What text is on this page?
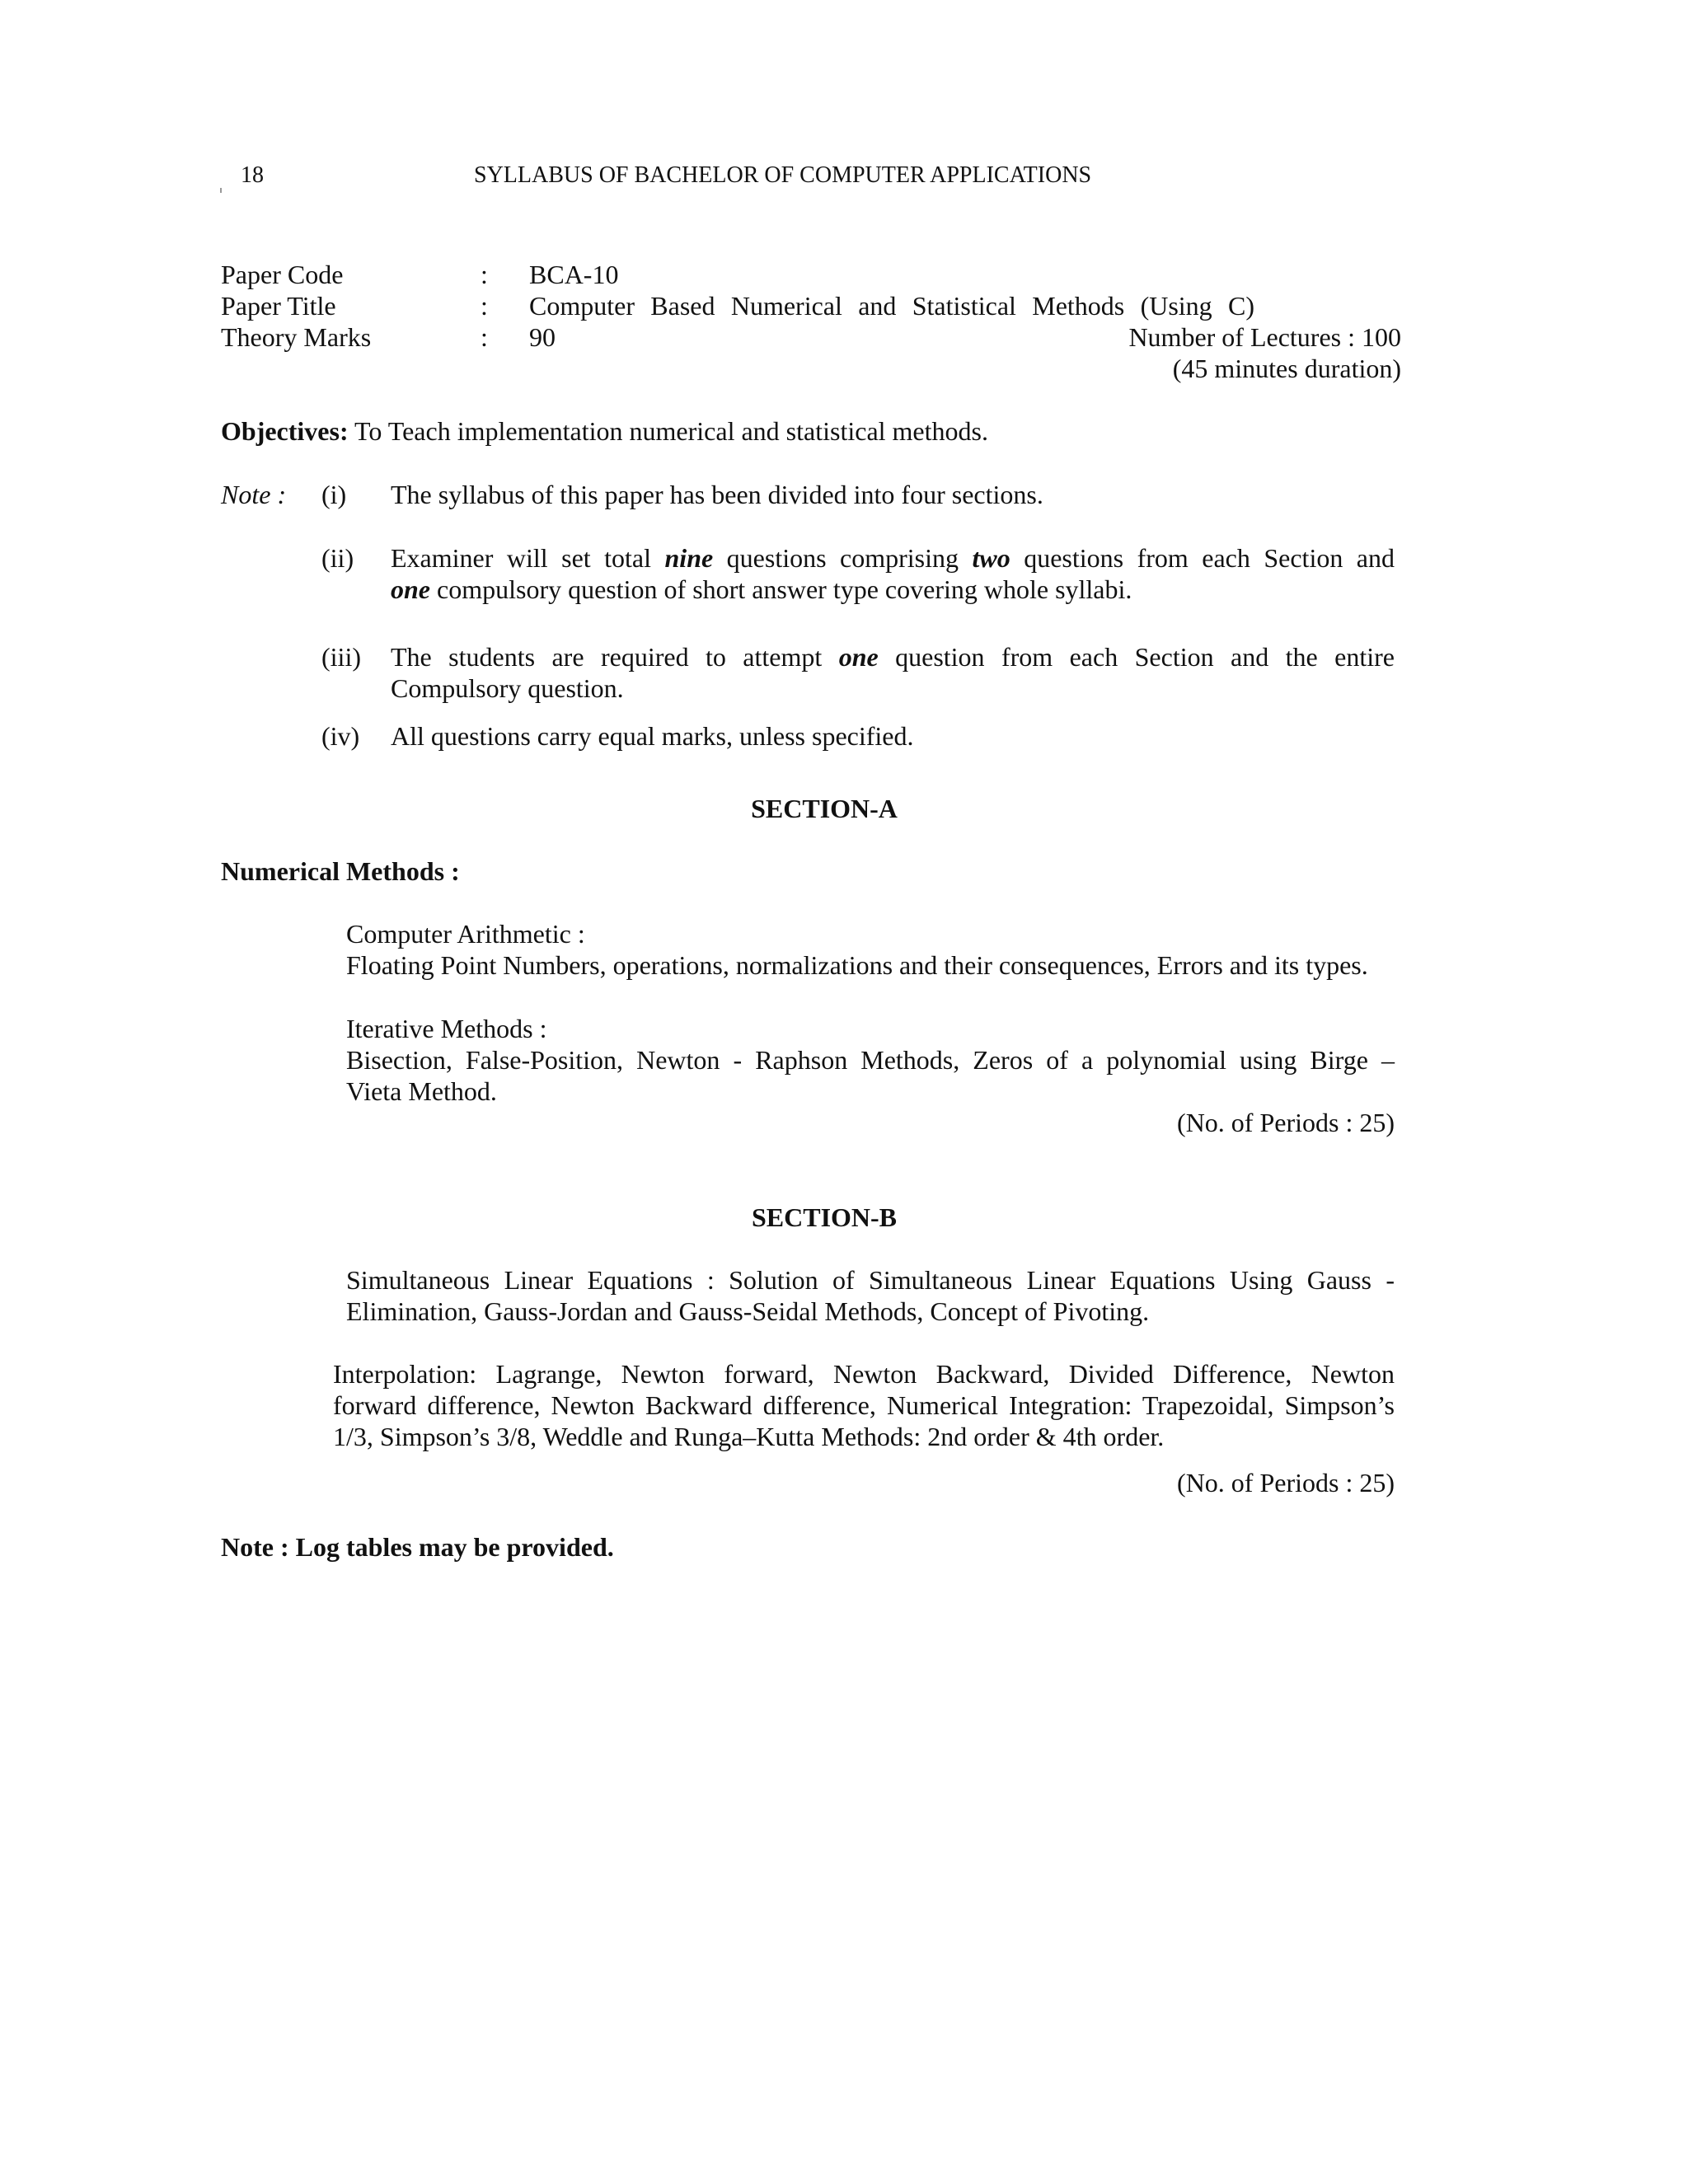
18	SYLLABUS OF BACHELOR OF COMPUTER APPLICATIONS
Paper Code	: BCA-10
Paper Title	: Computer Based Numerical and Statistical Methods (Using C)
Theory Marks	: 90	Number of Lectures : 100
(45 minutes duration)
Objectives: To Teach implementation numerical and statistical methods.
Note : (i) The syllabus of this paper has been divided into four sections.
(ii) Examiner will set total nine questions comprising two questions from each Section and
one compulsory question of short answer type covering whole syllabi.
(iii) The students are required to attempt one question from each Section and the entire
Compulsory question.
(iv) All questions carry equal marks, unless specified.
SECTION-A
Numerical Methods :
Computer Arithmetic :
Floating Point Numbers, operations, normalizations and their consequences, Errors and its types.
Iterative Methods :
Bisection, False-Position, Newton - Raphson Methods, Zeros of a polynomial using Birge –
Vieta Method.
(No. of Periods : 25)
SECTION-B
Simultaneous Linear Equations : Solution of Simultaneous Linear Equations Using Gauss -
Elimination, Gauss-Jordan and Gauss-Seidal Methods, Concept of Pivoting.
Interpolation: Lagrange, Newton forward, Newton Backward, Divided Difference, Newton
forward difference, Newton Backward difference, Numerical Integration: Trapezoidal, Simpson’s
1/3, Simpson’s 3/8, Weddle and Runga–Kutta Methods: 2nd order & 4th order.
(No. of Periods : 25)
Note : Log tables may be provided.
